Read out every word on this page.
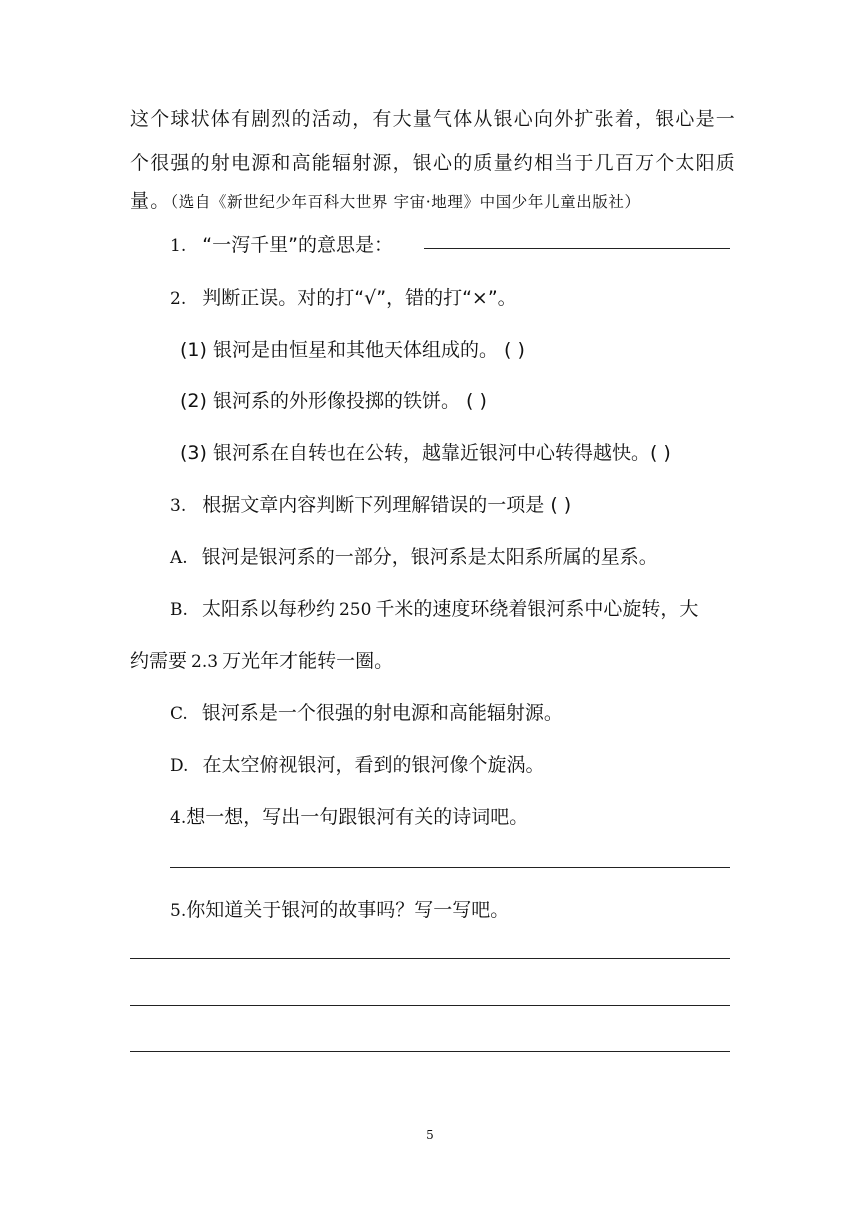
这个球状体有剧烈的活动，有大量气体从银心向外扩张着，银心是一
个很强的射电源和高能辐射源，银心的质量约相当于几百万个太阳质
量。（选自《新世纪少年百科大世界 宇宙·地理》中国少年儿童出版社）
1. “一泻千里”的意思是：
2. 判断正误。对的打“√”，错的打“×”。
(1) 银河是由恒星和其他天体组成的。 ( )
(2) 银河系的外形像投掷的铁饼。 ( )
(3) 银河系在自转也在公转，越靠近银河中心转得越快。( )
3. 根据文章内容判断下列理解错误的一项是 ( )
A. 银河是银河系的一部分，银河系是太阳系所属的星系。
B. 太阳系以每秒约 250 千米的速度环绕着银河系中心旋转，大
约需要 2.3 万光年才能转一圈。
C. 银河系是一个很强的射电源和高能辐射源。
D. 在太空俯视银河，看到的银河像个旋涡。
4.想一想，写出一句跟银河有关的诗词吧。
5.你知道关于银河的故事吗？写一写吧。
5
